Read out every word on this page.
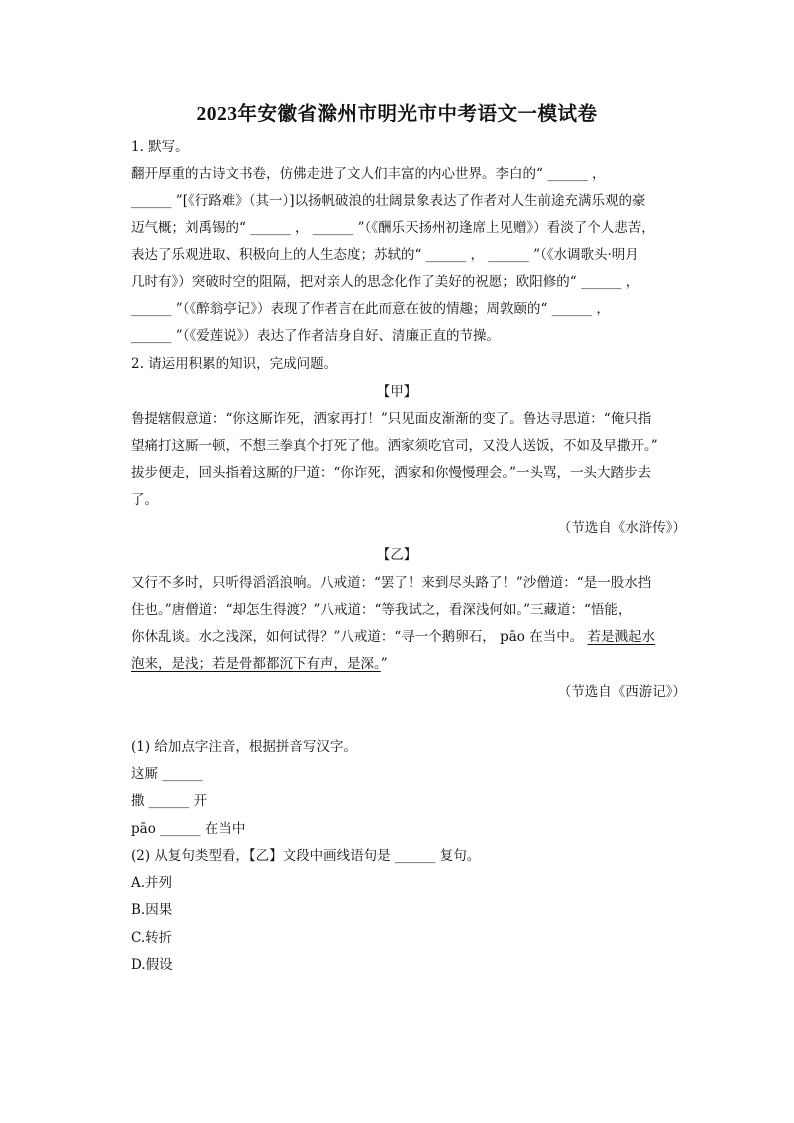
2023年安徽省滁州市明光市中考语文一模试卷
1. 默写。
翻开厚重的古诗文书卷，仿佛走进了文人们丰富的内心世界。李白的“ ______ ，
______ ”[《行路难》（其一）]以扬帆破浪的壮阔景象表达了作者对人生前途充满乐观的豪
迈气概；刘禹锡的“ ______ ， ______ ”（《酬乐天扬州初逢席上见赠》）看淡了个人悲苦，
表达了乐观进取、积极向上的人生态度；苏轼的“ ______ ， ______ ”（《水调歌头·明月
几时有》）突破时空的阻隔，把对亲人的思念化作了美好的祝愿；欧阳修的“ ______ ，
______ ”（《醉翁亭记》）表现了作者言在此而意在彼的情趣；周敦颐的“ ______ ，
______ ”（《爱莲说》）表达了作者洁身自好、清廉正直的节操。
2. 请运用积累的知识，完成问题。
【甲】
鲁提辖假意道：“你这厮诈死，洒家再打！”只见面皮渐渐的变了。鲁达寻思道：“俺只指
望痛打这厮一顿，不想三拳真个打死了他。洒家须吃官司，又没人送饭，不如及早撒开。”
拔步便走，回头指着这厮的尸道：“你诈死，洒家和你慢慢理会。”一头骂，一头大踏步去
了。
（节选自《水浒传》）
【乙】
又行不多时，只听得滔滔浪响。八戒道：“罢了！来到尽头路了！”沙僧道：“是一股水挡
住也。”唐僧道：“却怎生得渡？”八戒道：“等我试之，看深浅何如。”三藏道：“悟能，
你休乱谈。水之浅深，如何试得？”八戒道：“寻一个鹅卵石， pāo 在当中。 若是溅起水
泡来，是浅；若是骨都都沉下有声，是深。”
（节选自《西游记》）
(1) 给加点字注音，根据拼音写汉字。
这厮 ______
撒 ______ 开
pāo ______ 在当中
(2) 从复句类型看，【乙】文段中画线语句是 ______ 复句。
A.并列
B.因果
C.转折
D.假设
